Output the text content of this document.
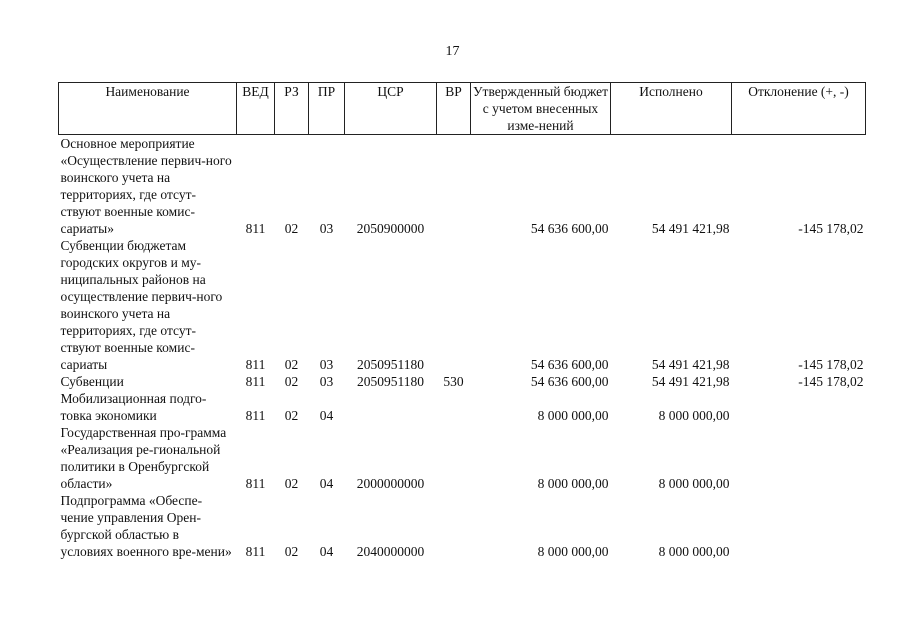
17
Наименование	ВЕД	РЗ	ПР	ЦСР	ВР	Утвержденный бюджет с учетом внесенных изме-нений	Исполнено	Отклонение (+, -)
Основное мероприятие «Осуществление первич-ного воинского учета на территориях, где отсут-ствуют военные комис-сариаты»	811	02	03	2050900000		54 636 600,00	54 491 421,98	-145 178,02
Субвенции бюджетам городских округов и му-ниципальных районов на осуществление первич-ного воинского учета на территориях, где отсут-ствуют военные комис-сариаты	811	02	03	2050951180		54 636 600,00	54 491 421,98	-145 178,02
Субвенции	811	02	03	2050951180	530	54 636 600,00	54 491 421,98	-145 178,02
Мобилизационная подго-товка экономики	811	02	04			8 000 000,00	8 000 000,00	
Государственная про-грамма «Реализация ре-гиональной политики в Оренбургской области»	811	02	04	2000000000		8 000 000,00	8 000 000,00	
Подпрограмма «Обеспе-чение управления Орен-бургской областью в условиях военного вре-мени»	811	02	04	2040000000		8 000 000,00	8 000 000,00	
